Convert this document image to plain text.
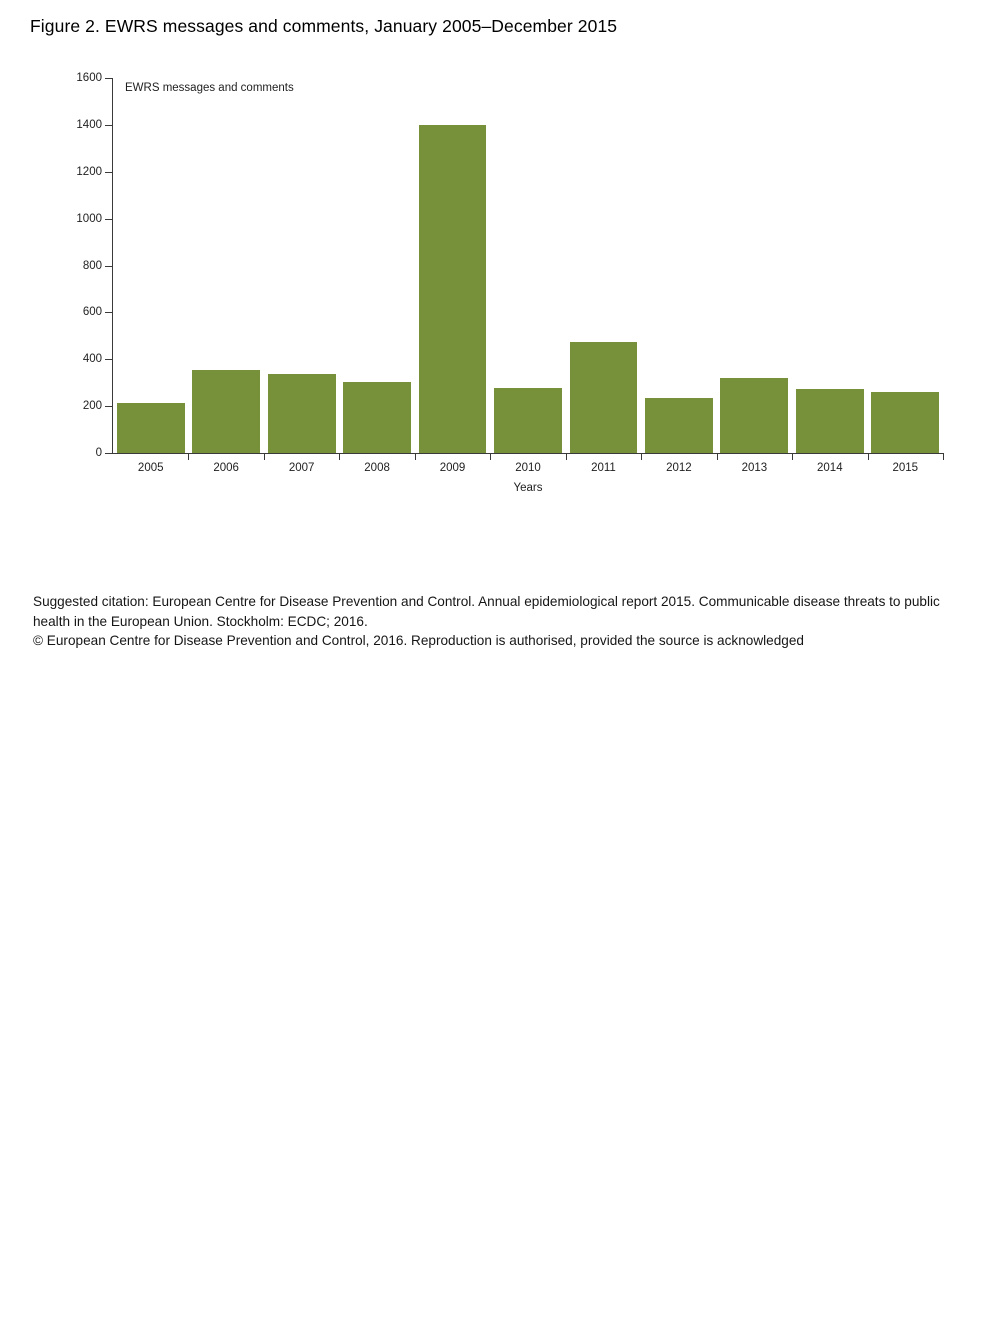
Figure 2. EWRS messages and comments, January 2005–December 2015
EWRS messages and comments
0
200
400
600
800
1000
1200
1400
1600
2005	2006	2007	2008	2009	2010	2011	2012	2013	2014	2015
Years
Suggested citation: European Centre for Disease Prevention and Control. Annual epidemiological report 2015. Communicable disease threats to public health in the European Union. Stockholm: ECDC; 2016.
© European Centre for Disease Prevention and Control, 2016. Reproduction is authorised, provided the source is acknowledged
